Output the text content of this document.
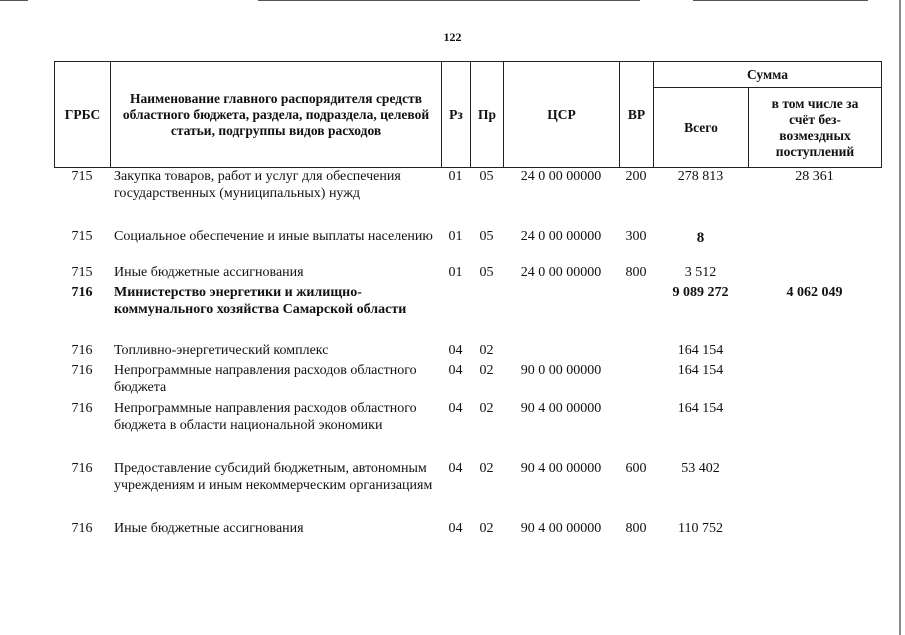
122
ГРБС	Наименование главного распорядителя средств областного бюджета, раздела, подраздела, целевой статьи, подгруппы видов расходов	Рз	Пр	ЦСР	ВР	Сумма	
						Всего	в том числе за счёт без-возмездных поступлений
715	Закупка товаров, работ и услуг для обеспечения государственных (муниципальных) нужд	01	05	24 0 00 00000	200	278 813	28 361
715	Социальное обеспечение и иные выплаты населению	01	05	24 0 00 00000	300	8	
715	Иные бюджетные ассигнования	01	05	24 0 00 00000	800	3 512	
716	Министерство энергетики и жилищно-коммунального хозяйства Самарской области					9 089 272	4 062 049
716	Топливно-энергетический комплекс	04	02			164 154	
716	Непрограммные направления расходов областного бюджета	04	02	90 0 00 00000		164 154	
716	Непрограммные направления расходов областного бюджета в области национальной экономики	04	02	90 4 00 00000		164 154	
716	Предоставление субсидий бюджетным, автономным учреждениям и иным некоммерческим организациям	04	02	90 4 00 00000	600	53 402	
716	Иные бюджетные ассигнования	04	02	90 4 00 00000	800	110 752	
